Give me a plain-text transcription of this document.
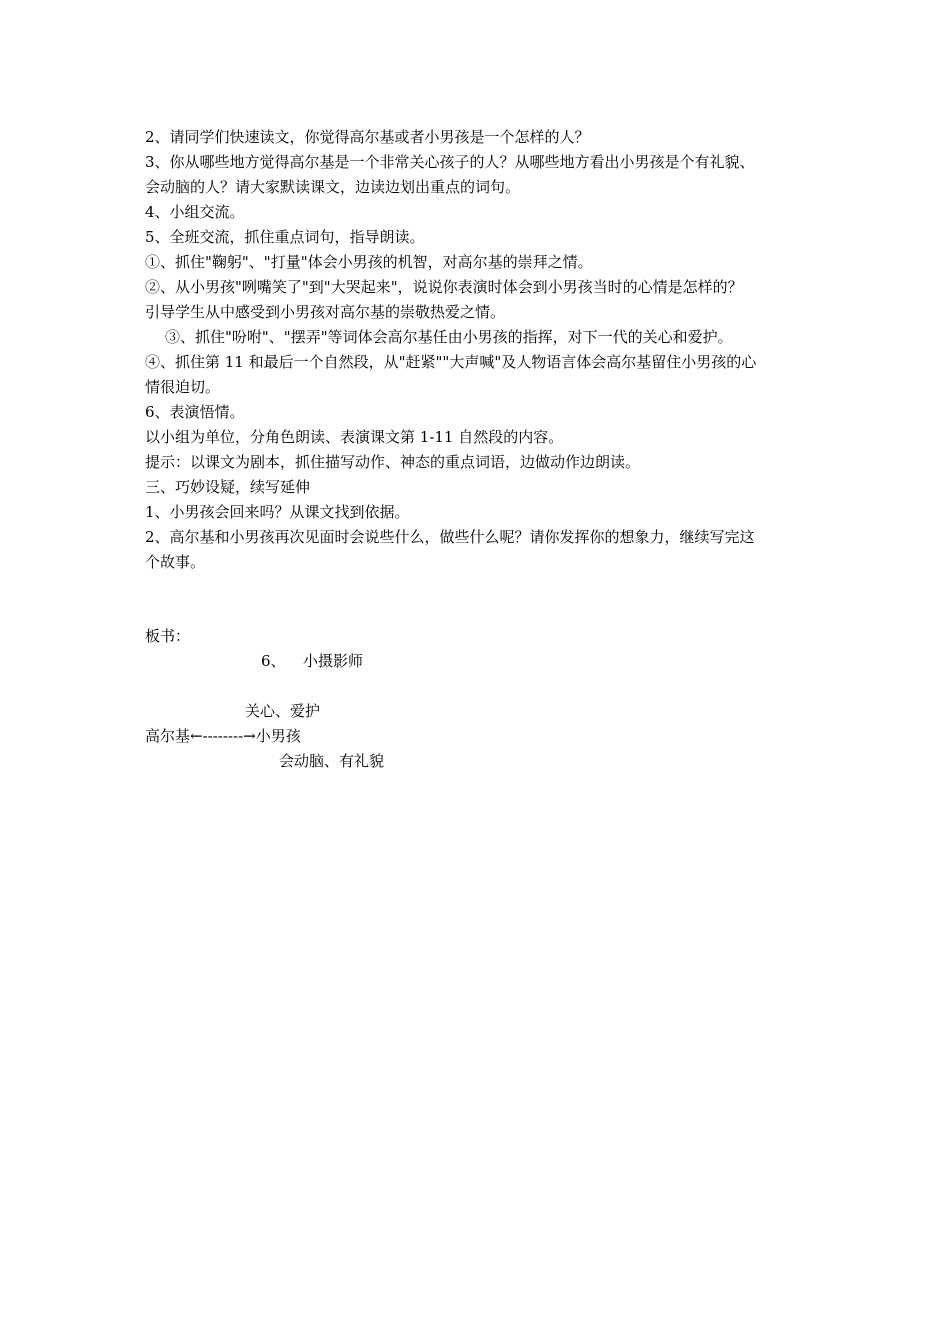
2、请同学们快速读文，你觉得高尔基或者小男孩是一个怎样的人？
3、你从哪些地方觉得高尔基是一个非常关心孩子的人？从哪些地方看出小男孩是个有礼貌、
会动脑的人？请大家默读课文，边读边划出重点的词句。
4、小组交流。
5、全班交流，抓住重点词句，指导朗读。
①、抓住"鞠躬"、"打量"体会小男孩的机智，对高尔基的崇拜之情。
②、从小男孩"咧嘴笑了"到"大哭起来"，说说你表演时体会到小男孩当时的心情是怎样的？
引导学生从中感受到小男孩对高尔基的崇敬热爱之情。
③、抓住"吩咐"、"摆弄"等词体会高尔基任由小男孩的指挥，对下一代的关心和爱护。
④、抓住第 11 和最后一个自然段，从"赶紧""大声喊"及人物语言体会高尔基留住小男孩的心
情很迫切。
6、表演悟情。
以小组为单位，分角色朗读、表演课文第 1-11 自然段的内容。
提示：以课文为剧本，抓住描写动作、神态的重点词语，边做动作边朗读。
三、巧妙设疑，续写延伸
1、小男孩会回来吗？从课文找到依据。
2、高尔基和小男孩再次见面时会说些什么，做些什么呢？请你发挥你的想象力，继续写完这
个故事。
板书：
6、 小摄影师
关心、爱护
高尔基←--------→小男孩
会动脑、有礼貌
